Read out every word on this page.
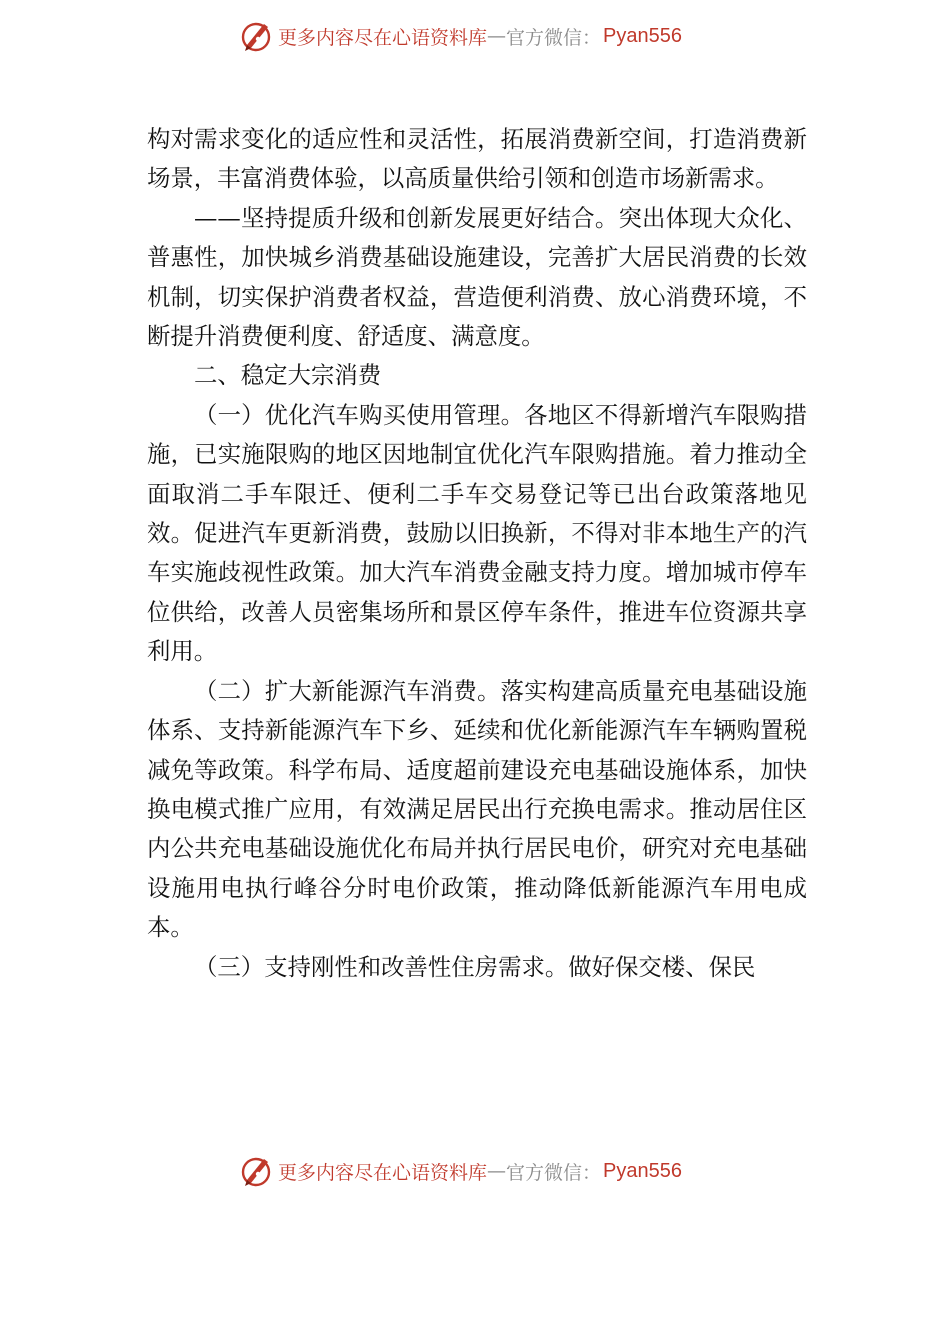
更多内容尽在心语资料库 — 官方微信： Pyan556

构对需求变化的适应性和灵活性，拓展消费新空间，打造消费新场景，丰富消费体验，以高质量供给引领和创造市场新需求。

——坚持提质升级和创新发展更好结合。突出体现大众化、普惠性，加快城乡消费基础设施建设，完善扩大居民消费的长效机制，切实保护消费者权益，营造便利消费、放心消费环境，不断提升消费便利度、舒适度、满意度。

二、稳定大宗消费

（一）优化汽车购买使用管理。各地区不得新增汽车限购措施，已实施限购的地区因地制宜优化汽车限购措施。着力推动全面取消二手车限迁、便利二手车交易登记等已出台政策落地见效。促进汽车更新消费，鼓励以旧换新，不得对非本地生产的汽车实施歧视性政策。加大汽车消费金融支持力度。增加城市停车位供给，改善人员密集场所和景区停车条件，推进车位资源共享利用。

（二）扩大新能源汽车消费。落实构建高质量充电基础设施体系、支持新能源汽车下乡、延续和优化新能源汽车车辆购置税减免等政策。科学布局、适度超前建设充电基础设施体系，加快换电模式推广应用，有效满足居民出行充换电需求。推动居住区内公共充电基础设施优化布局并执行居民电价，研究对充电基础设施用电执行峰谷分时电价政策，推动降低新能源汽车用电成本。

（三）支持刚性和改善性住房需求。做好保交楼、保民

更多内容尽在心语资料库 — 官方微信： Pyan556
